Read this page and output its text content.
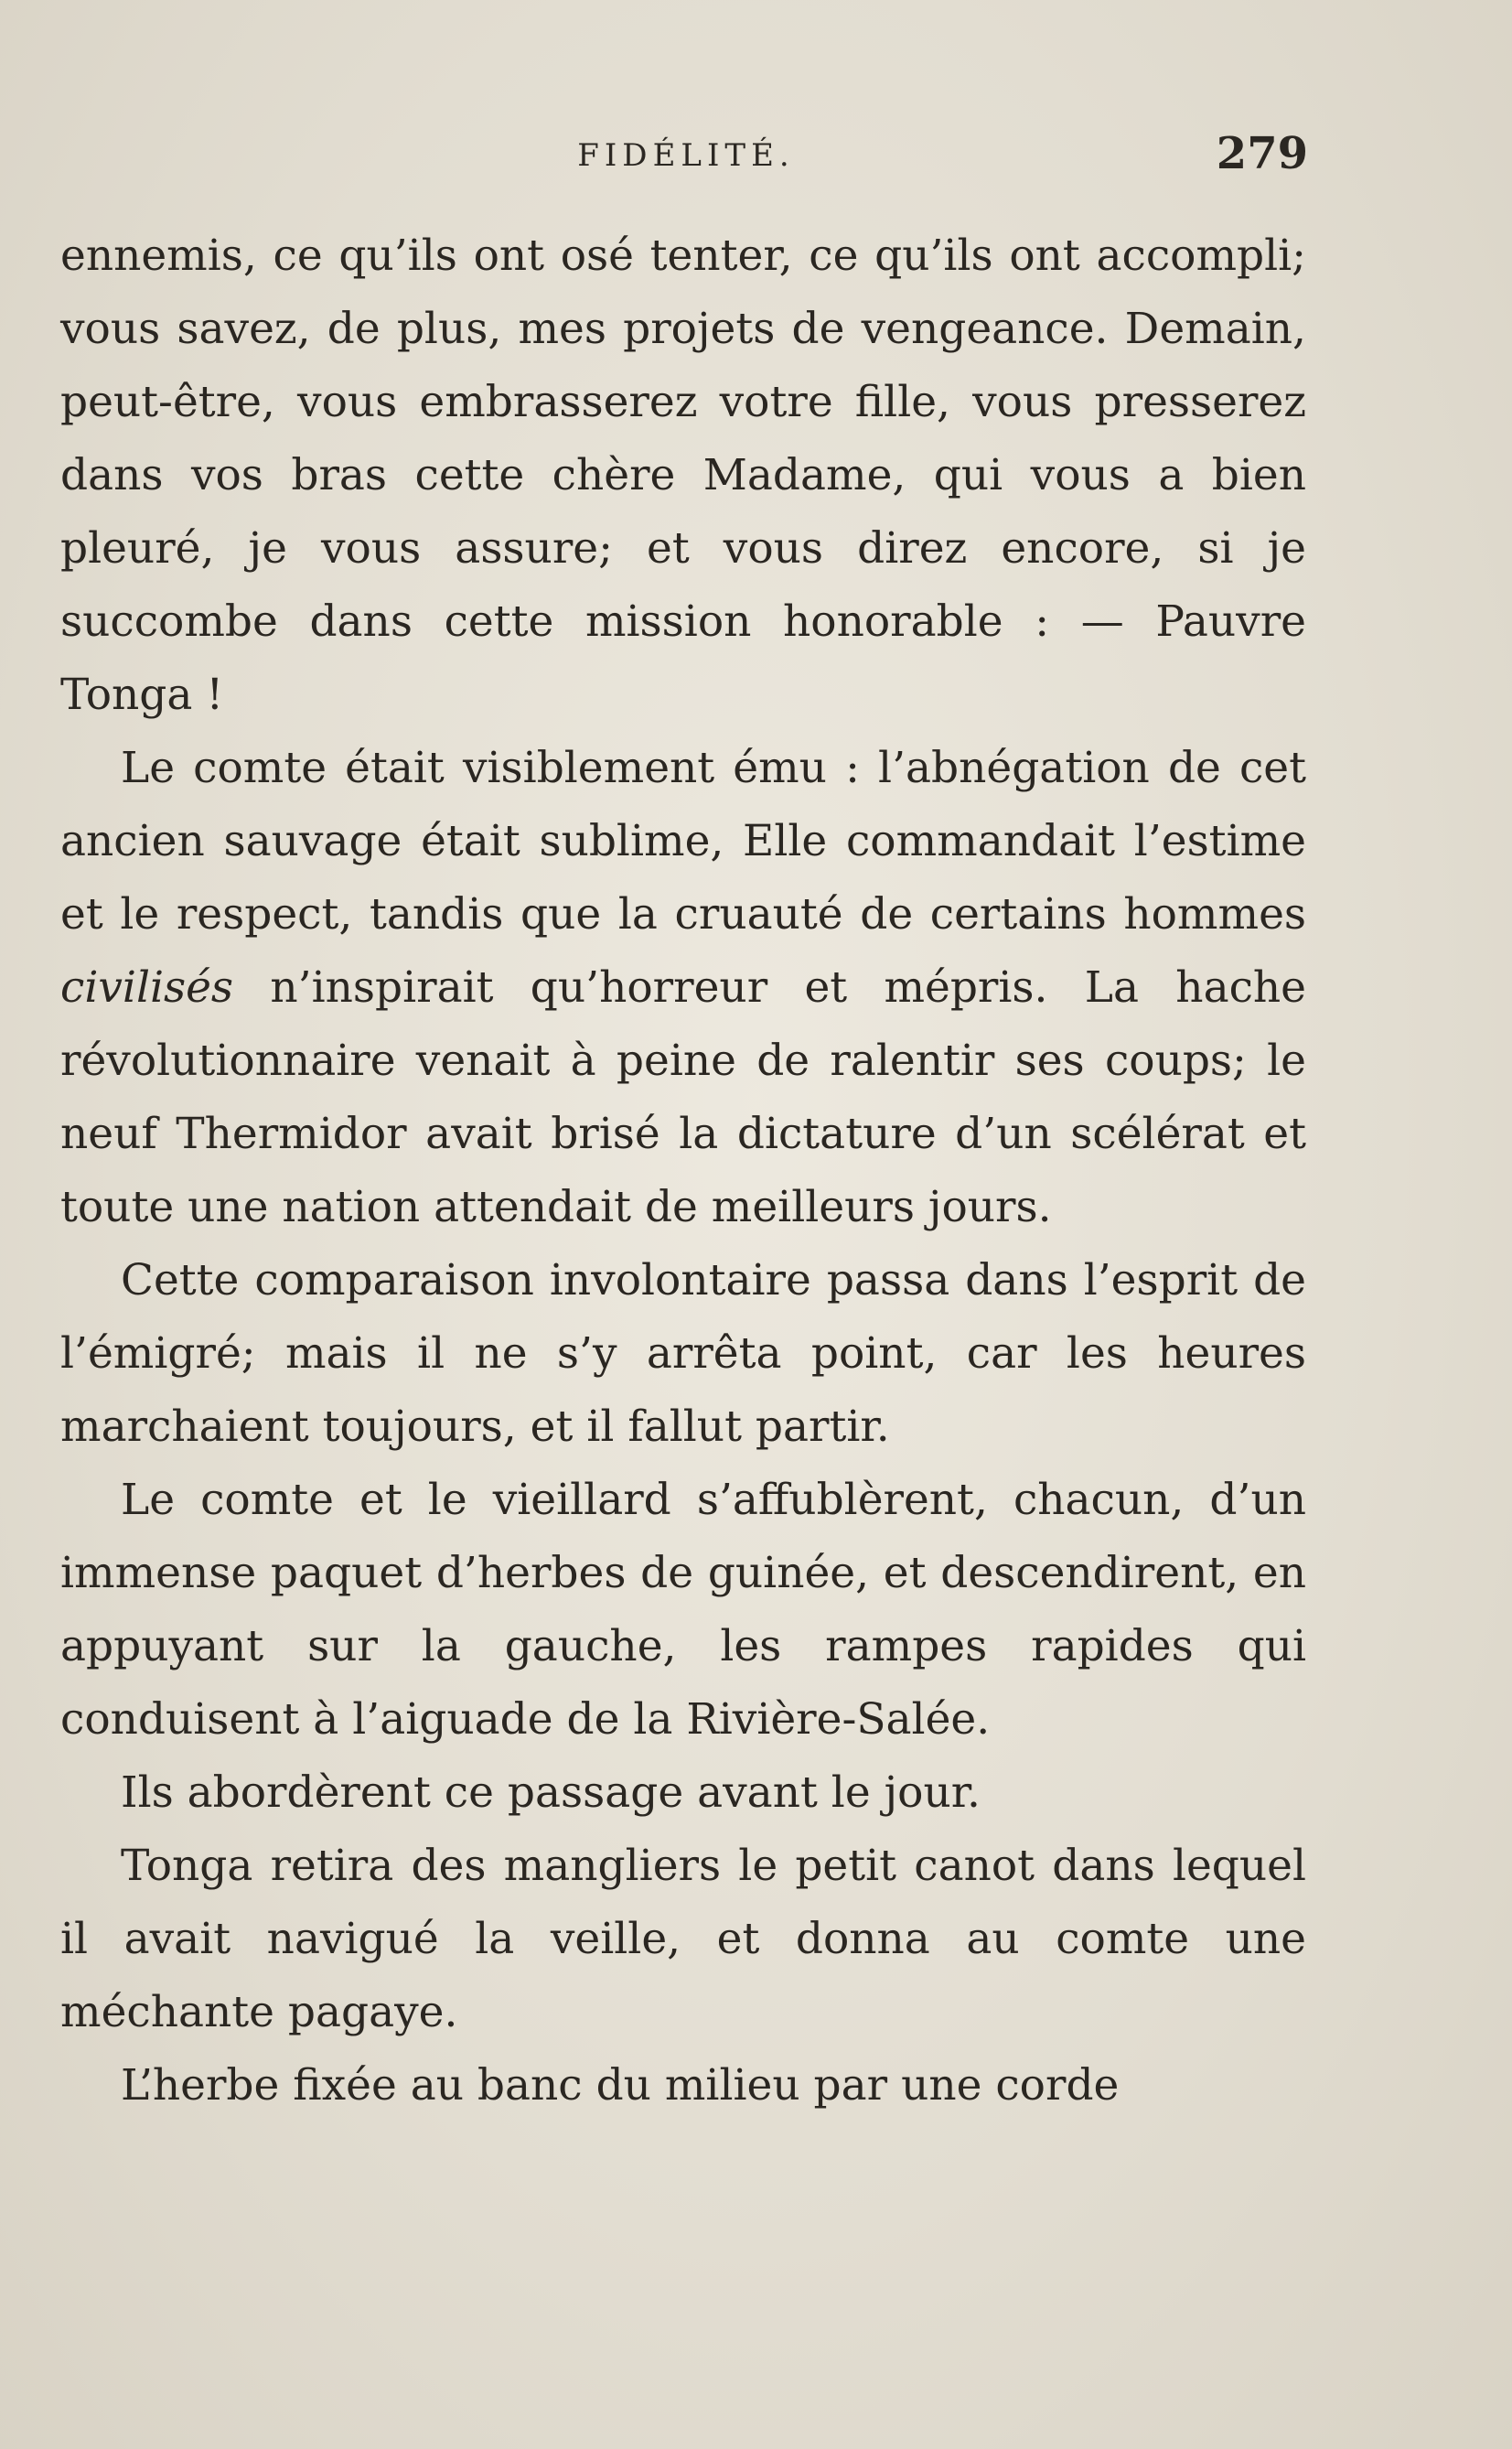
FIDÉLITÉ.	279

ennemis, ce qu’ils ont osé tenter, ce qu’ils ont accompli; vous savez, de plus, mes projets de vengeance. Demain, peut-être, vous embrasserez votre fille, vous presserez dans vos bras cette chère Madame, qui vous a bien pleuré, je vous assure; et vous direz encore, si je succombe dans cette mission honorable : — Pauvre Tonga !

Le comte était visiblement ému : l’abnégation de cet ancien sauvage était sublime, Elle commandait l’estime et le respect, tandis que la cruauté de certains hommes civilisés n’inspirait qu’horreur et mépris. La hache révolutionnaire venait à peine de ralentir ses coups; le neuf Thermidor avait brisé la dictature d’un scélérat et toute une nation attendait de meilleurs jours.

Cette comparaison involontaire passa dans l’esprit de l’émigré; mais il ne s’y arrêta point, car les heures marchaient toujours, et il fallut partir.

Le comte et le vieillard s’affublèrent, chacun, d’un immense paquet d’herbes de guinée, et descendirent, en appuyant sur la gauche, les rampes rapides qui conduisent à l’aiguade de la Rivière-Salée.

Ils abordèrent ce passage avant le jour.

Tonga retira des mangliers le petit canot dans lequel il avait navigué la veille, et donna au comte une méchante pagaye.

L’herbe fixée au banc du milieu par une corde
